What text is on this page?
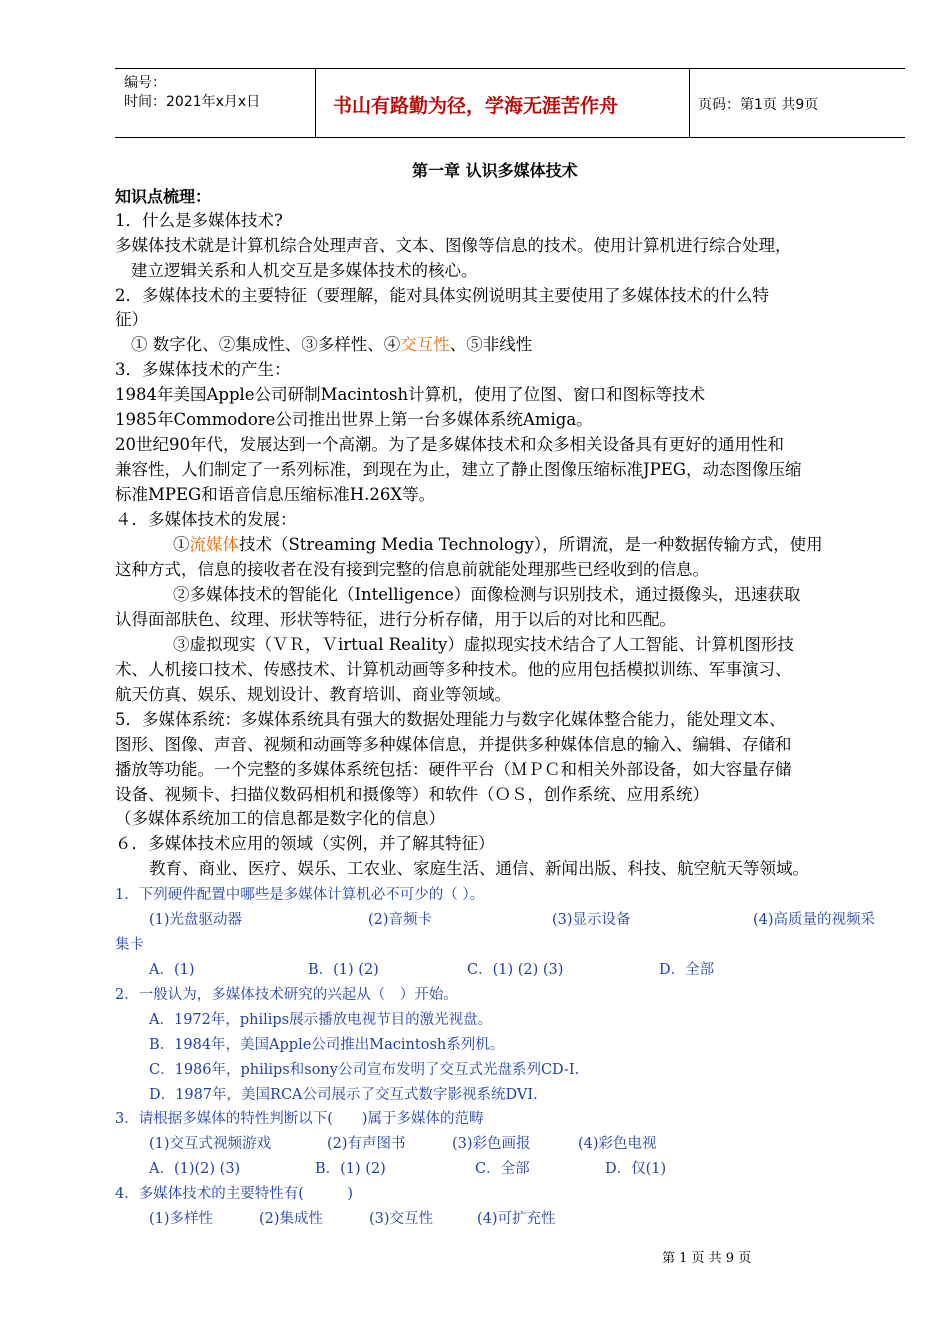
编号：
时间：2021年x月x日	书山有路勤为径，学海无涯苦作舟	页码：第1页 共9页
第一章 认识多媒体技术
知识点梳理：
1．什么是多媒体技术?
多媒体技术就是计算机综合处理声音、文本、图像等信息的技术。使用计算机进行综合处理，
建立逻辑关系和人机交互是多媒体技术的核心。
2．多媒体技术的主要特征（要理解，能对具体实例说明其主要使用了多媒体技术的什么特
征）
① 数字化、②集成性、③多样性、④交互性、⑤非线性
3．多媒体技术的产生：
1984年美国Apple公司研制Macintosh计算机，使用了位图、窗口和图标等技术
1985年Commodore公司推出世界上第一台多媒体系统Amiga。
20世纪90年代，发展达到一个高潮。为了是多媒体技术和众多相关设备具有更好的通用性和
兼容性，人们制定了一系列标准，到现在为止，建立了静止图像压缩标准JPEG，动态图像压缩
标准MPEG和语音信息压缩标准H.26X等。
４．多媒体技术的发展：
①流媒体技术（Streaming Media Technology），所谓流，是一种数据传输方式，使用
这种方式，信息的接收者在没有接到完整的信息前就能处理那些已经收到的信息。
②多媒体技术的智能化（Intelligence）面像检测与识别技术，通过摄像头，迅速获取
认得面部肤色、纹理、形状等特征，进行分析存储，用于以后的对比和匹配。
③虚拟现实（ＶＲ，Ｖirtual Reality）虚拟现实技术结合了人工智能、计算机图形技
术、人机接口技术、传感技术、计算机动画等多种技术。他的应用包括模拟训练、军事演习、
航天仿真、娱乐、规划设计、教育培训、商业等领域。
5．多媒体系统：多媒体系统具有强大的数据处理能力与数字化媒体整合能力，能处理文本、
图形、图像、声音、视频和动画等多种媒体信息，并提供多种媒体信息的输入、编辑、存储和
播放等功能。一个完整的多媒体系统包括：硬件平台（ＭＰＣ和相关外部设备，如大容量存储
设备、视频卡、扫描仪数码相机和摄像等）和软件（ＯＳ，创作系统、应用系统）
（多媒体系统加工的信息都是数字化的信息）
６．多媒体技术应用的领域（实例，并了解其特征）
教育、商业、医疗、娱乐、工农业、家庭生活、通信、新闻出版、科技、航空航天等领域。
1．下列硬件配置中哪些是多媒体计算机必不可少的（ ）。
(1)光盘驱动器	(2)音频卡	(3)显示设备	(4)高质量的视频采
集卡
A．(1)	B．(1) (2)	C．(1) (2) (3)	D．全部
2．一般认为，多媒体技术研究的兴起从（　）开始。
A．1972年，philips展示播放电视节目的激光视盘。
B．1984年，美国Apple公司推出Macintosh系列机。
C．1986年，philips和sony公司宣布发明了交互式光盘系列CD-I.
D．1987年，美国RCA公司展示了交互式数字影视系统DVI.
3．请根据多媒体的特性判断以下(　　)属于多媒体的范畴
(1)交互式视频游戏	(2)有声图书	(3)彩色画报	(4)彩色电视
A．(1)(2) (3)	B．(1) (2)	C．全部	D．仅(1)
4．多媒体技术的主要特性有(　　　)
(1)多样性	(2)集成性	(3)交互性	(4)可扩充性
第 1 页 共 9 页
